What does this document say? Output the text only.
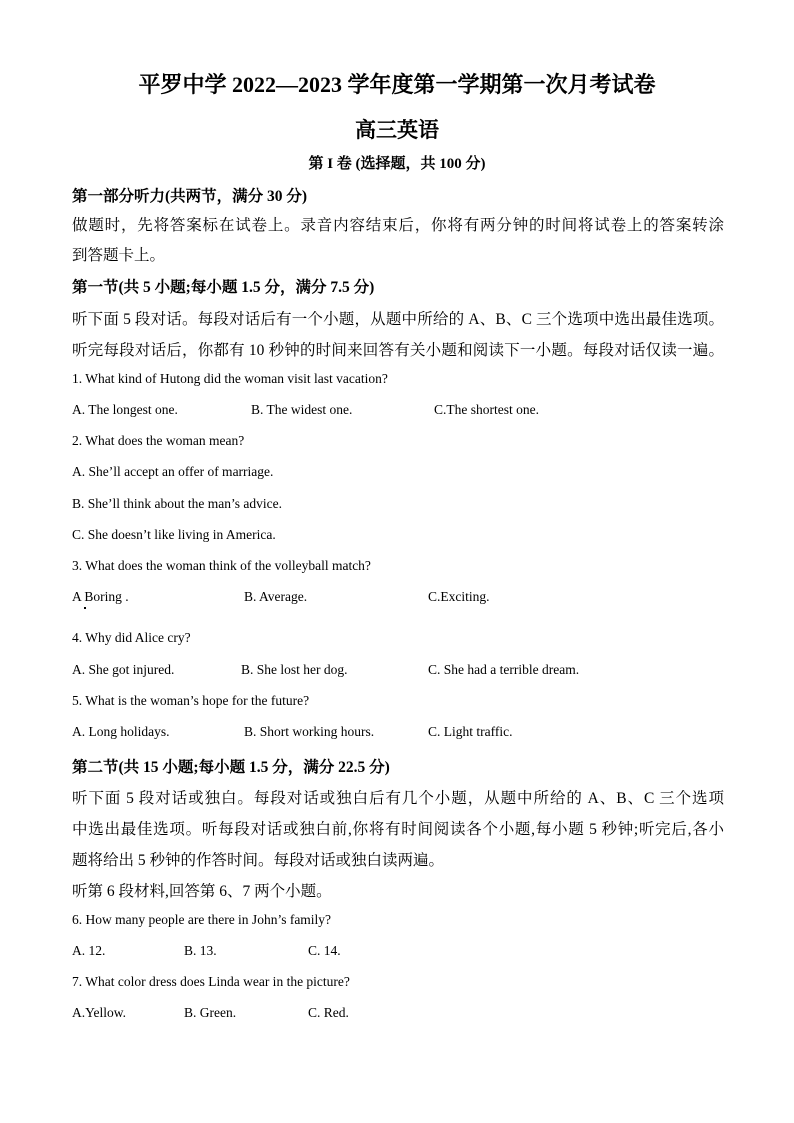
平罗中学 2022—2023 学年度第一学期第一次月考试卷
高三英语
第 I 卷 (选择题，共 100 分)
第一部分听力(共两节，满分 30 分)
做题时，先将答案标在试卷上。录音内容结束后，你将有两分钟的时间将试卷上的答案转涂
到答题卡上。
第一节(共 5 小题;每小题 1.5 分，满分 7.5 分)
听下面 5 段对话。每段对话后有一个小题，从题中所给的 A、B、C 三个选项中选出最佳选项。
听完每段对话后，你都有 10 秒钟的时间来回答有关小题和阅读下一小题。每段对话仅读一遍。
1. What kind of Hutong did the woman visit last vacation?
A. The longest one.	B. The widest one.	C.The shortest one.
2. What does the woman mean?
A. She’ll accept an offer of marriage.
B. She’ll think about the man’s advice.
C. She doesn’t like living in America.
3. What does the woman think of the volleyball match?
A Boring .	B. Average.	C.Exciting.
4. Why did Alice cry?
A. She got injured.	B. She lost her dog.	C. She had a terrible dream.
5. What is the woman’s hope for the future?
A. Long holidays.	B. Short working hours.	C. Light traffic.
第二节(共 15 小题;每小题 1.5 分，满分 22.5 分)
听下面 5 段对话或独白。每段对话或独白后有几个小题，从题中所给的 A、B、C 三个选项
中选出最佳选项。听每段对话或独白前,你将有时间阅读各个小题,每小题 5 秒钟;听完后,各小
题将给出 5 秒钟的作答时间。每段对话或独白读两遍。
听第 6 段材料,回答第 6、7 两个小题。
6. How many people are there in John’s family?
A. 12.	B. 13.	C. 14.
7. What color dress does Linda wear in the picture?
A.Yellow.	B. Green.	C. Red.
